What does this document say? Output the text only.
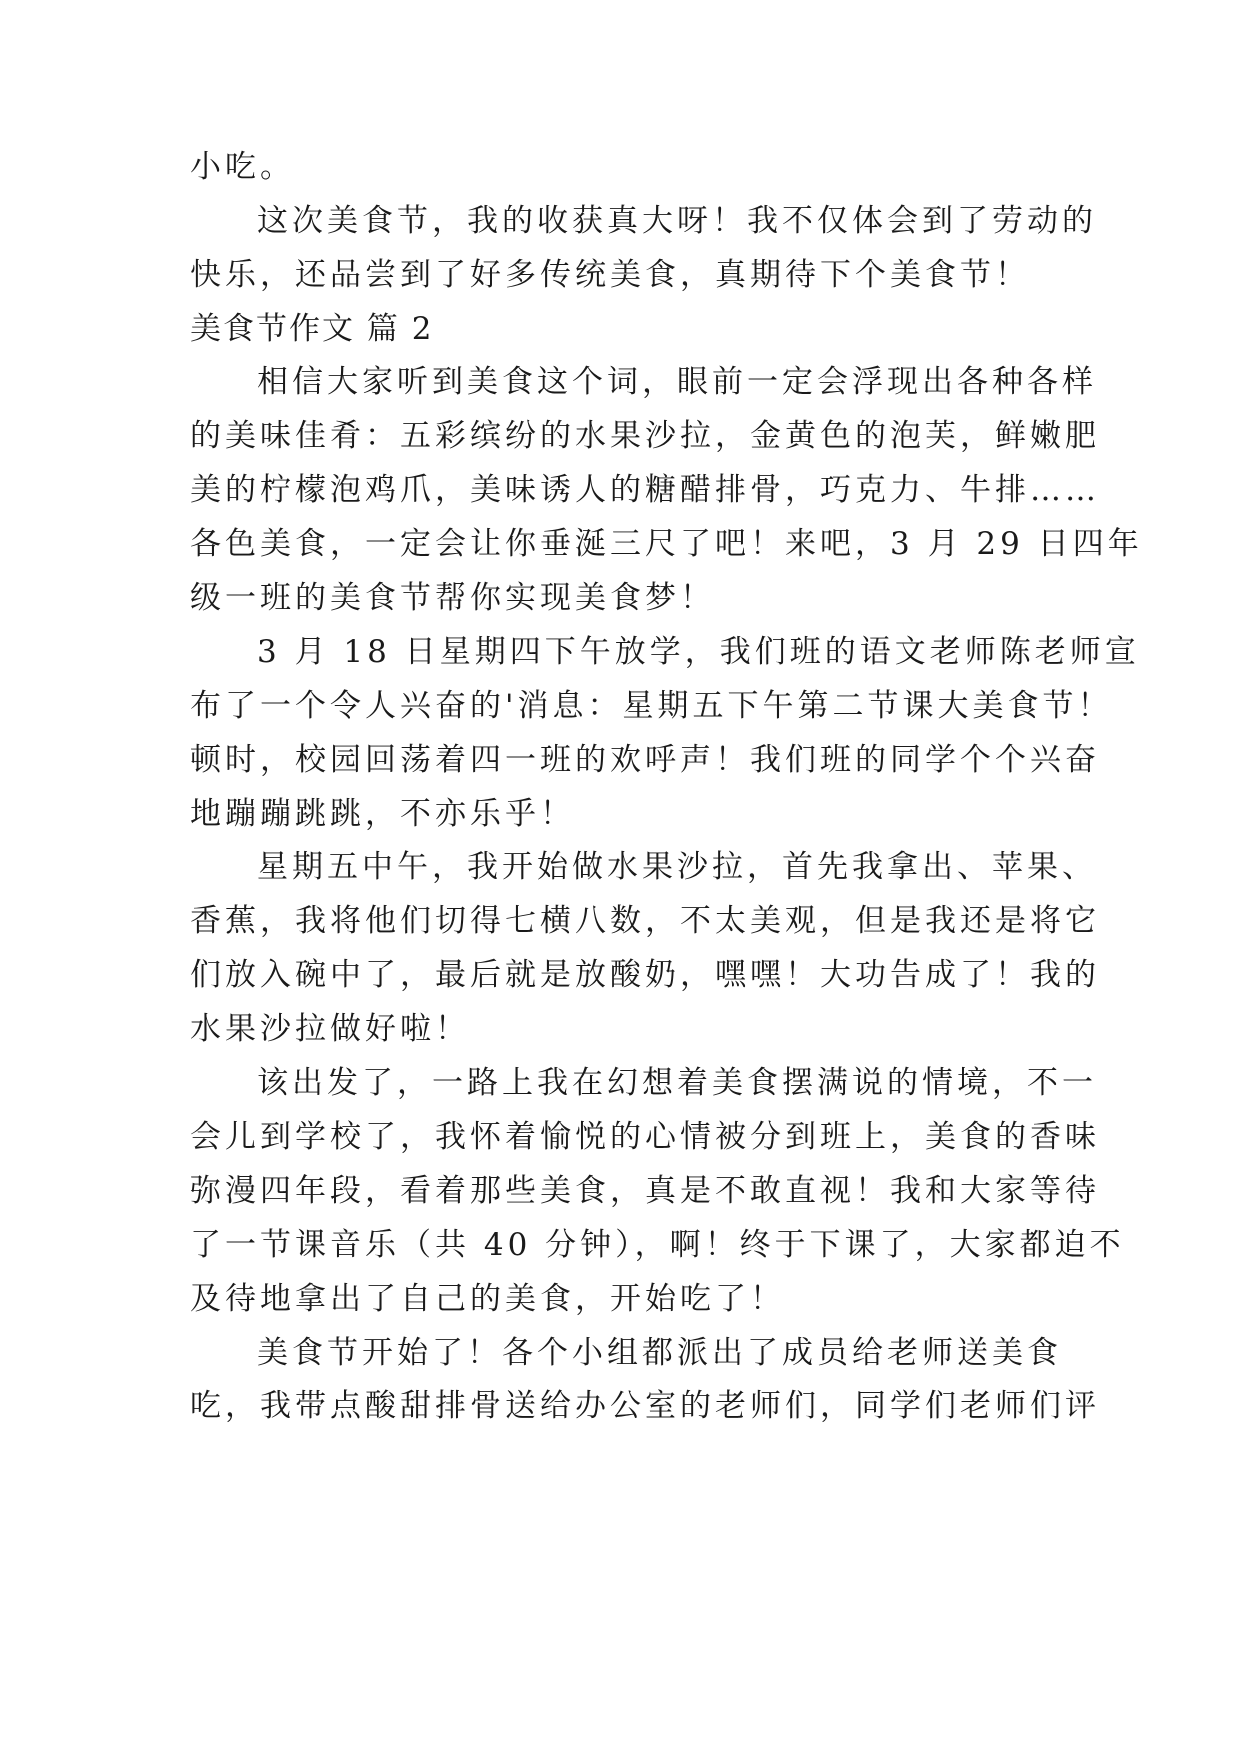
小吃。
这次美食节，我的收获真大呀！我不仅体会到了劳动的
快乐，还品尝到了好多传统美食，真期待下个美食节！
美食节作文 篇 2
相信大家听到美食这个词，眼前一定会浮现出各种各样
的美味佳肴：五彩缤纷的水果沙拉，金黄色的泡芙，鲜嫩肥
美的柠檬泡鸡爪，美味诱人的糖醋排骨，巧克力、牛排……
各色美食，一定会让你垂涎三尺了吧！来吧，3 月 29 日四年
级一班的美食节帮你实现美食梦！
3 月 18 日星期四下午放学，我们班的语文老师陈老师宣
布了一个令人兴奋的'消息：星期五下午第二节课大美食节！
顿时，校园回荡着四一班的欢呼声！我们班的同学个个兴奋
地蹦蹦跳跳，不亦乐乎！
星期五中午，我开始做水果沙拉，首先我拿出、苹果、
香蕉，我将他们切得七横八数，不太美观，但是我还是将它
们放入碗中了，最后就是放酸奶，嘿嘿！大功告成了！我的
水果沙拉做好啦！
该出发了，一路上我在幻想着美食摆满说的情境，不一
会儿到学校了，我怀着愉悦的心情被分到班上，美食的香味
弥漫四年段，看着那些美食，真是不敢直视！我和大家等待
了一节课音乐（共 40 分钟），啊！终于下课了，大家都迫不
及待地拿出了自己的美食，开始吃了！
美食节开始了！各个小组都派出了成员给老师送美食
吃，我带点酸甜排骨送给办公室的老师们，同学们老师们评
